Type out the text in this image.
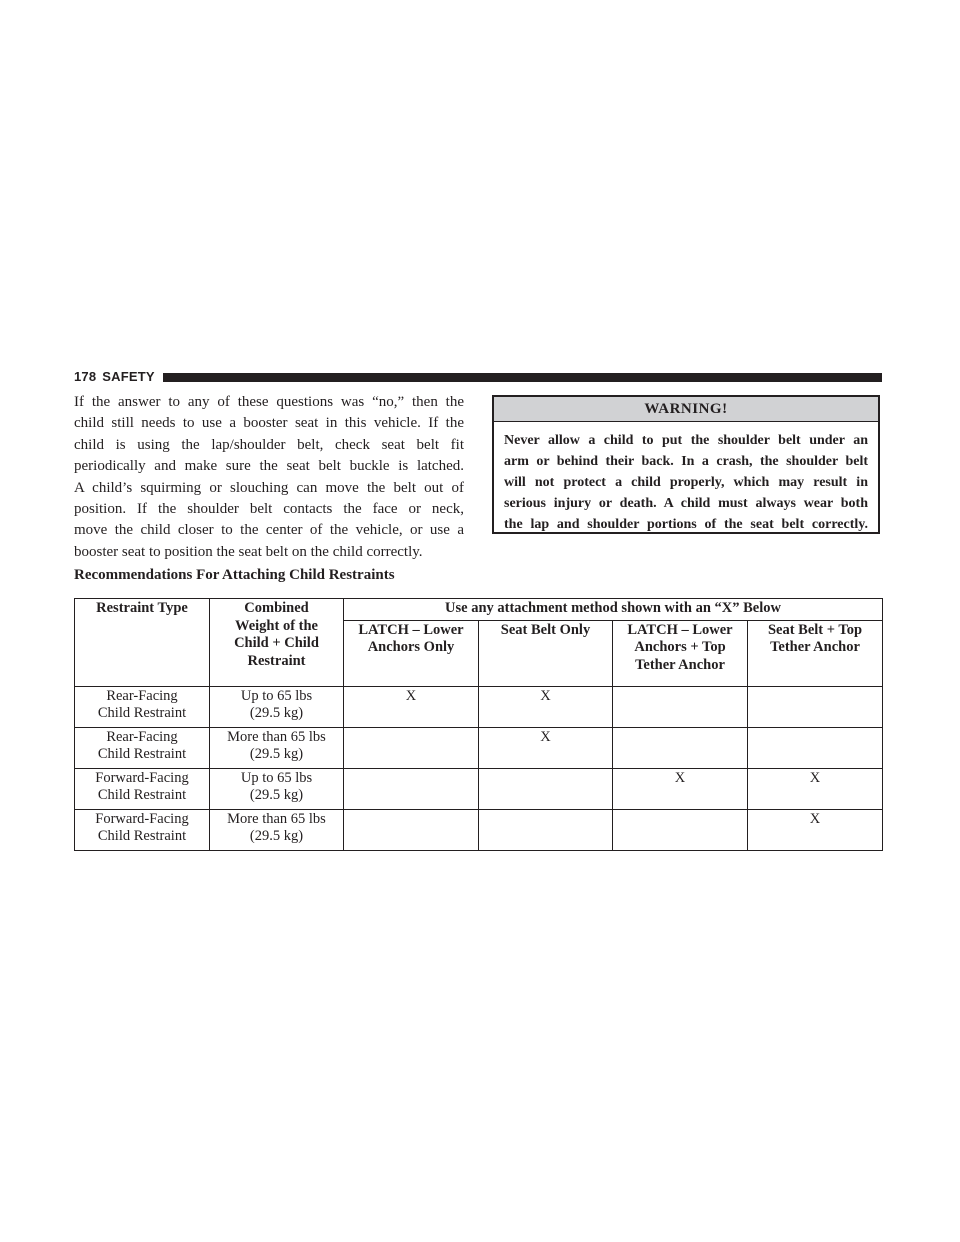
178 SAFETY

If the answer to any of these questions was “no,” then the
child still needs to use a booster seat in this vehicle. If the
child is using the lap/shoulder belt, check seat belt fit
periodically and make sure the seat belt buckle is latched.
A child’s squirming or slouching can move the belt out of
position. If the shoulder belt contacts the face or neck,
move the child closer to the center of the vehicle, or use a
booster seat to position the seat belt on the child correctly.

WARNING!
Never allow a child to put the shoulder belt under an
arm or behind their back. In a crash, the shoulder belt
will not protect a child properly, which may result in
serious injury or death. A child must always wear both
the lap and shoulder portions of the seat belt correctly.
Recommendations For Attaching Child Restraints
Restraint Type	Combined
Weight of the
Child + Child
Restraint	Use any attachment method shown with an “X” Below			

		LATCH – Lower
Anchors Only	Seat Belt Only	LATCH – Lower
Anchors + Top
Tether Anchor	Seat Belt + Top
Tether Anchor

Rear-Facing
Child Restraint	Up to 65 lbs
(29.5 kg)	X	X		

Rear-Facing
Child Restraint	More than 65 lbs
(29.5 kg)		X		

Forward-Facing
Child Restraint	Up to 65 lbs
(29.5 kg)			X	X

Forward-Facing
Child Restraint	More than 65 lbs
(29.5 kg)				X
